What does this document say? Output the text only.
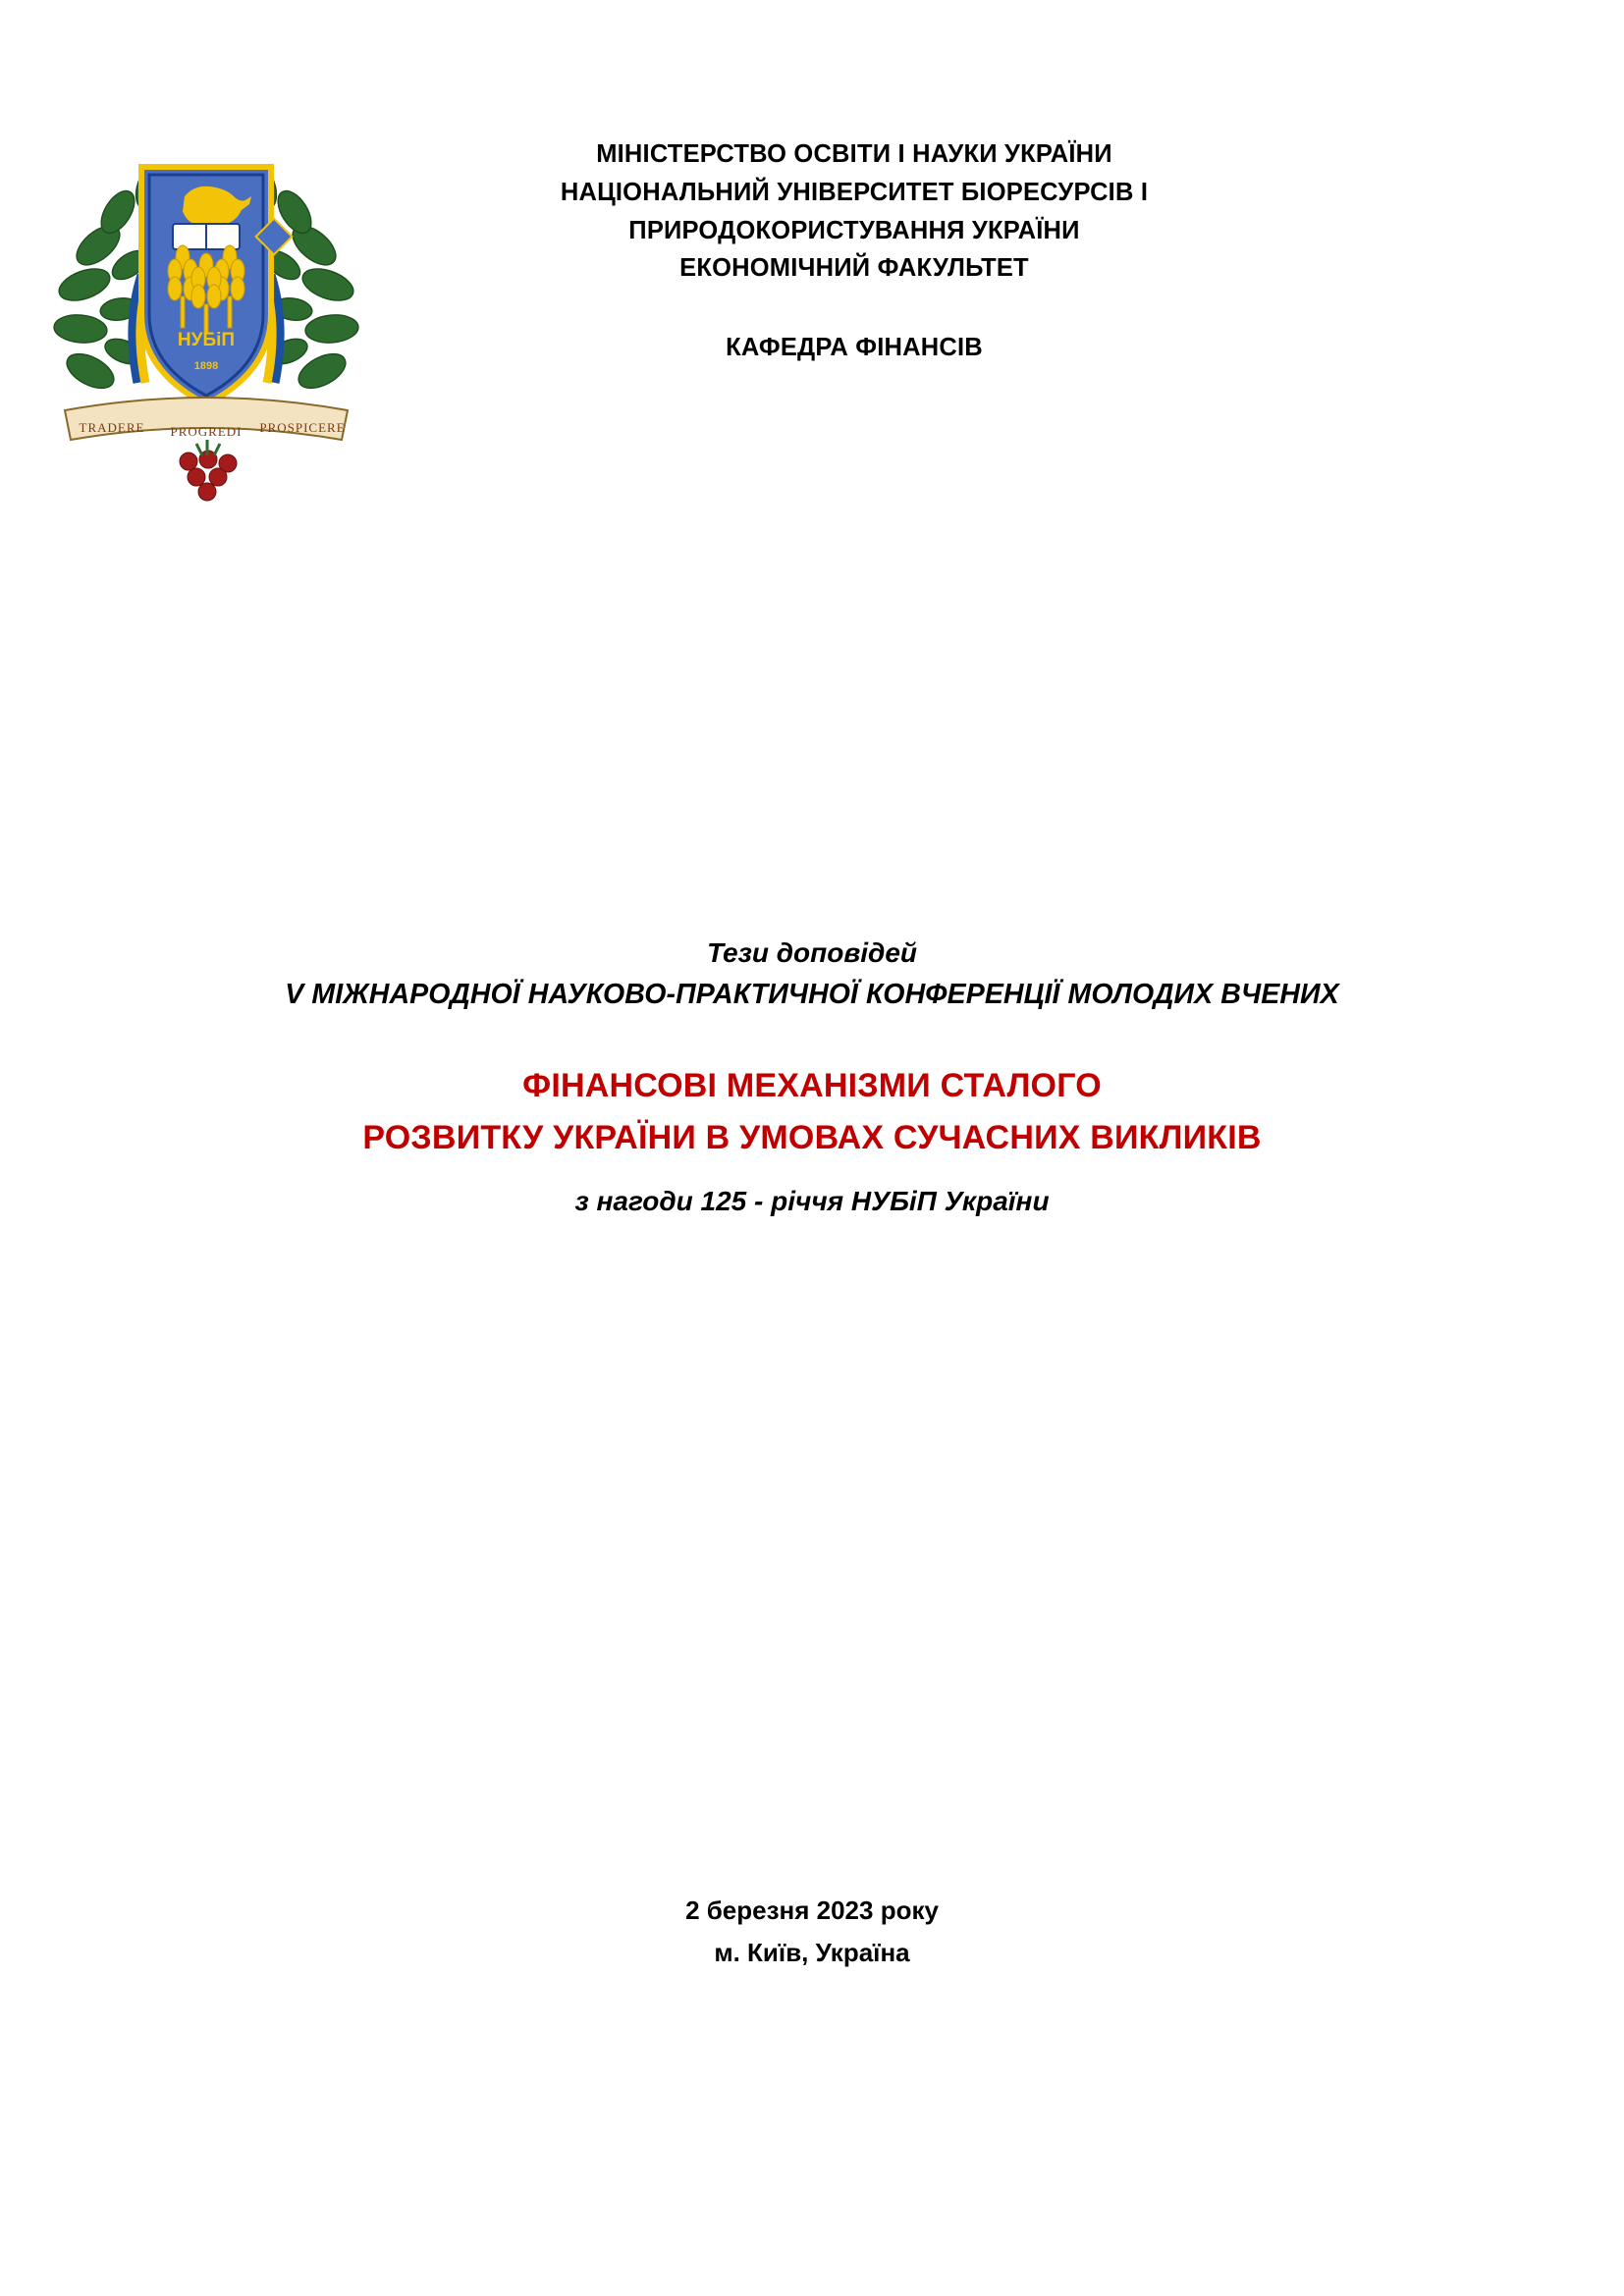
НУБіП
1898
TRADERE PROGREDI PROSPICERE
МІНІСТЕРСТВО ОСВІТИ І НАУКИ УКРАЇНИ
НАЦІОНАЛЬНИЙ УНІВЕРСИТЕТ БІОРЕСУРСІВ І
ПРИРОДОКОРИСТУВАННЯ УКРАЇНИ
ЕКОНОМІЧНИЙ ФАКУЛЬТЕТ
КАФЕДРА ФІНАНСІВ
Тези доповідей
V МІЖНАРОДНОЇ НАУКОВО-ПРАКТИЧНОЇ КОНФЕРЕНЦІЇ МОЛОДИХ ВЧЕНИХ
ФІНАНСОВІ МЕХАНІЗМИ СТАЛОГО
РОЗВИТКУ УКРАЇНИ В УМОВАХ СУЧАСНИХ ВИКЛИКІВ
з нагоди 125 - річчя НУБіП України
2 березня 2023 року
м. Київ, Україна
